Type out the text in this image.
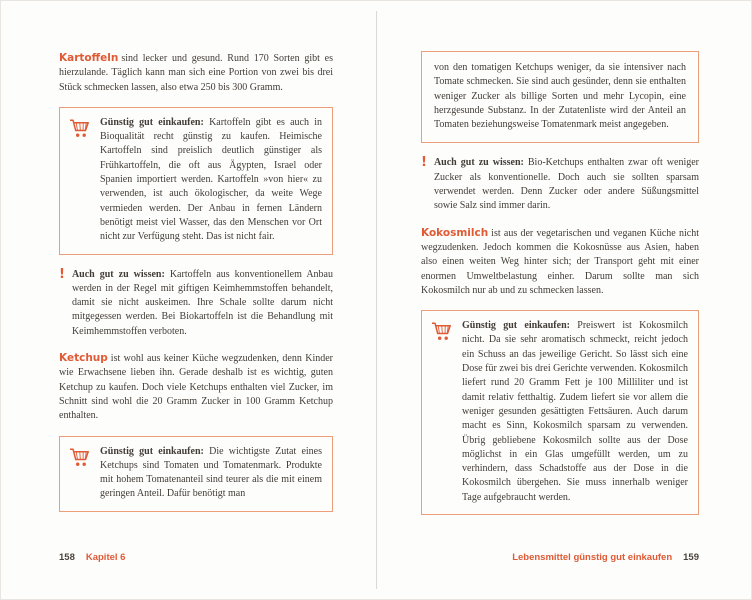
Kartoffeln sind lecker und gesund. Rund 170 Sorten gibt es hierzulande. Täglich kann man sich eine Portion von zwei bis drei Stück schmecken lassen, also etwa 250 bis 300 Gramm.

Günstig gut einkaufen: Kartoffeln gibt es auch in Bioqualität recht günstig zu kaufen. Heimische Kartoffeln sind preislich deutlich günstiger als Frühkartoffeln, die oft aus Ägypten, Israel oder Spanien importiert werden. Kartoffeln »von hier« zu verwenden, ist auch ökologischer, da weite Wege vermieden werden. Der Anbau in fernen Ländern benötigt meist viel Wasser, das den Menschen vor Ort nicht zur Verfügung steht. Das ist nicht fair.

! Auch gut zu wissen: Kartoffeln aus konventionellem Anbau werden in der Regel mit giftigen Keimhemmstoffen behandelt, damit sie nicht auskeimen. Ihre Schale sollte darum nicht mitgegessen werden. Bei Biokartoffeln ist die Behandlung mit Keimhemmstoffen verboten.

Ketchup ist wohl aus keiner Küche wegzudenken, denn Kinder wie Erwachsene lieben ihn. Gerade deshalb ist es wichtig, guten Ketchup zu kaufen. Doch viele Ketchups enthalten viel Zucker, im Schnitt sind wohl die 20 Gramm Zucker in 100 Gramm Ketchup enthalten.

Günstig gut einkaufen: Die wichtigste Zutat eines Ketchups sind Tomaten und Tomatenmark. Produkte mit hohem Tomatenanteil sind teurer als die mit einem geringen Anteil. Dafür benötigt man

von den tomatigen Ketchups weniger, da sie intensiver nach Tomate schmecken. Sie sind auch gesünder, denn sie enthalten weniger Zucker als billige Sorten und mehr Lycopin, eine herzgesunde Substanz. In der Zutatenliste wird der Anteil an Tomaten beziehungsweise Tomatenmark meist angegeben.

! Auch gut zu wissen: Bio-Ketchups enthalten zwar oft weniger Zucker als konventionelle. Doch auch sie sollten sparsam verwendet werden. Denn Zucker oder andere Süßungsmittel sowie Salz sind immer darin.

Kokosmilch ist aus der vegetarischen und veganen Küche nicht wegzudenken. Jedoch kommen die Kokosnüsse aus Asien, haben also einen weiten Weg hinter sich; der Transport geht mit einer enormen Umweltbelastung einher. Darum sollte man sich Kokosmilch nur ab und zu schmecken lassen.

Günstig gut einkaufen: Preiswert ist Kokosmilch nicht. Da sie sehr aromatisch schmeckt, reicht jedoch ein Schuss an das jeweilige Gericht. So lässt sich eine Dose für zwei bis drei Gerichte verwenden. Kokosmilch liefert rund 20 Gramm Fett je 100 Milliliter und ist damit relativ fetthaltig. Zudem liefert sie vor allem die weniger gesunden gesättigten Fettsäuren. Auch darum macht es Sinn, Kokosmilch sparsam zu verwenden. Übrig gebliebene Kokosmilch sollte aus der Dose möglichst in ein Glas umgefüllt werden, um zu verhindern, dass Schadstoffe aus der Dose in die Kokosmilch übergehen. Sie muss innerhalb weniger Tage aufgebraucht werden.

158 Kapitel 6	Lebensmittel günstig gut einkaufen 159
